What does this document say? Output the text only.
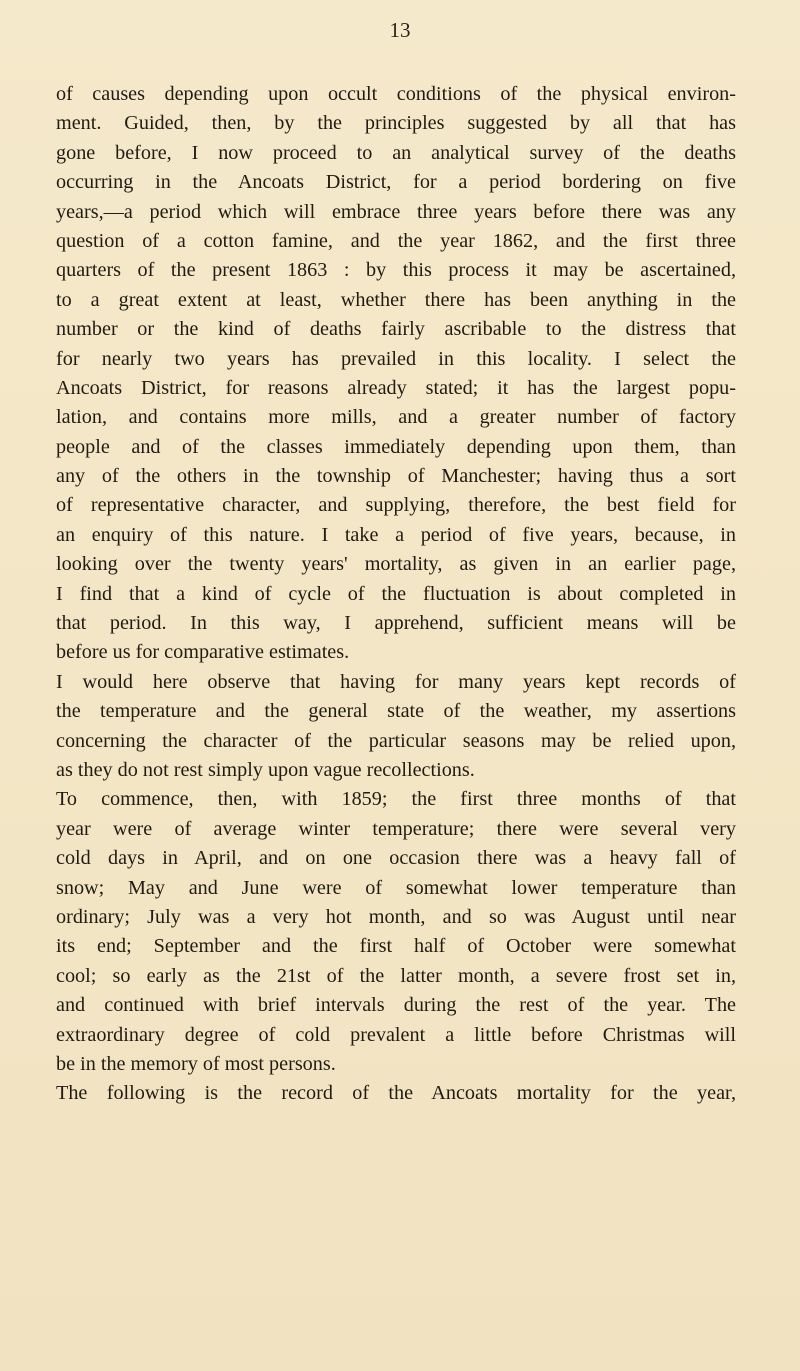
13
of causes depending upon occult conditions of the physical environ-
ment. Guided, then, by the principles suggested by all that has
gone before, I now proceed to an analytical survey of the deaths
occurring in the Ancoats District, for a period bordering on five
years,—a period which will embrace three years before there was any
question of a cotton famine, and the year 1862, and the first three
quarters of the present 1863 : by this process it may be ascertained,
to a great extent at least, whether there has been anything in the
number or the kind of deaths fairly ascribable to the distress that
for nearly two years has prevailed in this locality. I select the
Ancoats District, for reasons already stated; it has the largest popu-
lation, and contains more mills, and a greater number of factory
people and of the classes immediately depending upon them, than
any of the others in the township of Manchester; having thus a sort
of representative character, and supplying, therefore, the best field for
an enquiry of this nature. I take a period of five years, because, in
looking over the twenty years' mortality, as given in an earlier page,
I find that a kind of cycle of the fluctuation is about completed in
that period. In this way, I apprehend, sufficient means will be
before us for comparative estimates.
I would here observe that having for many years kept records of
the temperature and the general state of the weather, my assertions
concerning the character of the particular seasons may be relied upon,
as they do not rest simply upon vague recollections.
To commence, then, with 1859; the first three months of that
year were of average winter temperature; there were several very
cold days in April, and on one occasion there was a heavy fall of
snow; May and June were of somewhat lower temperature than
ordinary; July was a very hot month, and so was August until near
its end; September and the first half of October were somewhat
cool; so early as the 21st of the latter month, a severe frost set in,
and continued with brief intervals during the rest of the year. The
extraordinary degree of cold prevalent a little before Christmas will
be in the memory of most persons.
The following is the record of the Ancoats mortality for the year,
